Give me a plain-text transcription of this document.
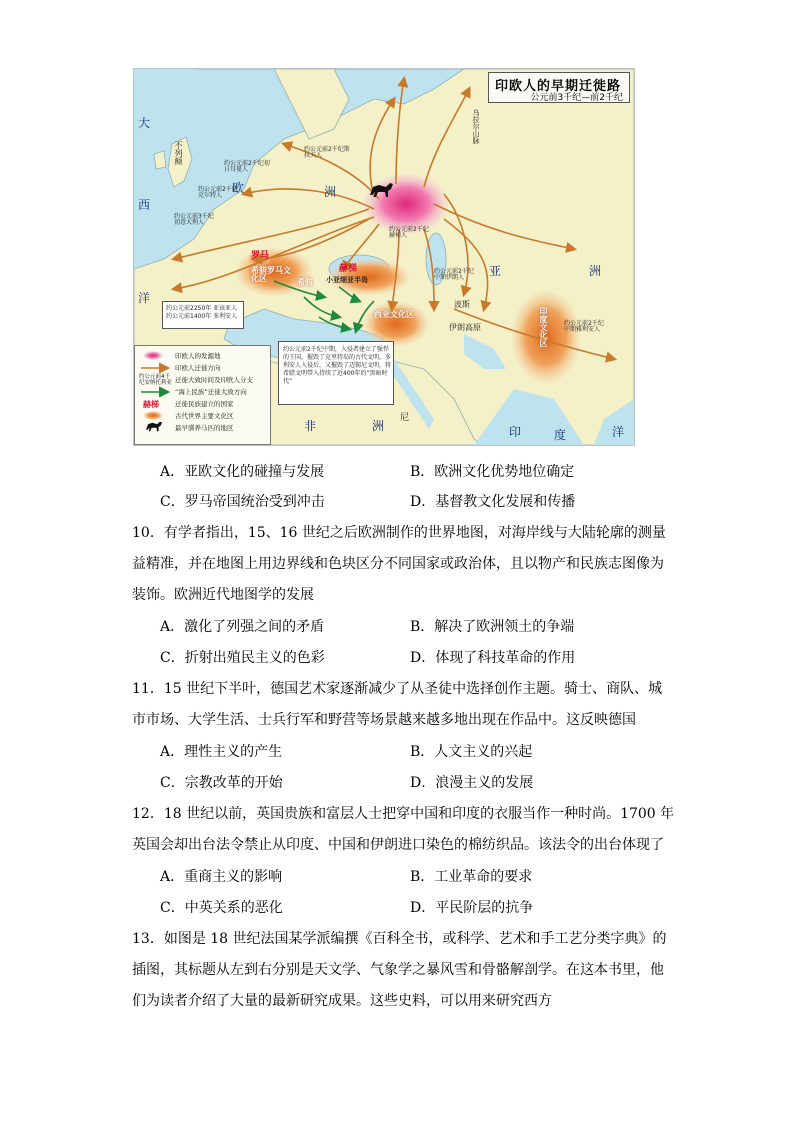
印欧人的早期迁徙路
公元前3千纪—前2千纪
大
西
洋
不列颠
欧	洲
亚	洲
非	洲
尼
印	度	洋
乌拉尔山脉
罗马
希腊罗马文化区	希腊
赫梯
小亚细亚半岛
西亚文化区
波斯
伊朗高原	印度文化区
约公元前2千纪初日耳曼人
约公元前2千纪斯拉夫人
约公元前2千纪克尔特人
约公元前3千纪初意大利人
约公元前2千纪赫梯人
约公元前2千纪中期伊朗人
约公元前2千纪中期雅利安人
约公元前2250年 亚该亚人
约公元前1400年 多利安人
约公元前2千纪中期，入侵者建立了强悍的王国，摧毁了克里特岛的古代文明。多利安人入侵后，又摧毁了迈锡尼文明，将希腊文明带入持续了近400年的“黑暗时代”
印欧人的发源地
印欧人迁徙方向
约公元前4千纪安纳托利亚 迁徙大致时间及印欧人分支
“海上民族”迁徙大致方向
赫梯 迁徙民族建立的国家
古代世界主要文化区
最早驯养马匹的地区
A．亚欧文化的碰撞与发展	B．欧洲文化优势地位确定
C．罗马帝国统治受到冲击	D．基督教文化发展和传播
10．有学者指出，15、16 世纪之后欧洲制作的世界地图，对海岸线与大陆轮廓的测量
益精准，并在地图上用边界线和色块区分不同国家或政治体，且以物产和民族志图像为
装饰。欧洲近代地图学的发展
A．激化了列强之间的矛盾	B．解决了欧洲领土的争端
C．折射出殖民主义的色彩	D．体现了科技革命的作用
11．15 世纪下半叶，德国艺术家逐渐减少了从圣徒中选择创作主题。骑士、商队、城
市市场、大学生活、士兵行军和野营等场景越来越多地出现在作品中。这反映德国
A．理性主义的产生	B．人文主义的兴起
C．宗教改革的开始	D．浪漫主义的发展
12．18 世纪以前，英国贵族和富层人士把穿中国和印度的衣服当作一种时尚。1700 年
英国会却出台法令禁止从印度、中国和伊朗进口染色的棉纺织品。该法令的出台体现了
A．重商主义的影响	B．工业革命的要求
C．中英关系的恶化	D．平民阶层的抗争
13．如图是 18 世纪法国某学派编撰《百科全书，或科学、艺术和手工艺分类字典》的
插图，其标题从左到右分别是天文学、气象学之暴风雪和骨骼解剖学。在这本书里，他
们为读者介绍了大量的最新研究成果。这些史料，可以用来研究西方
